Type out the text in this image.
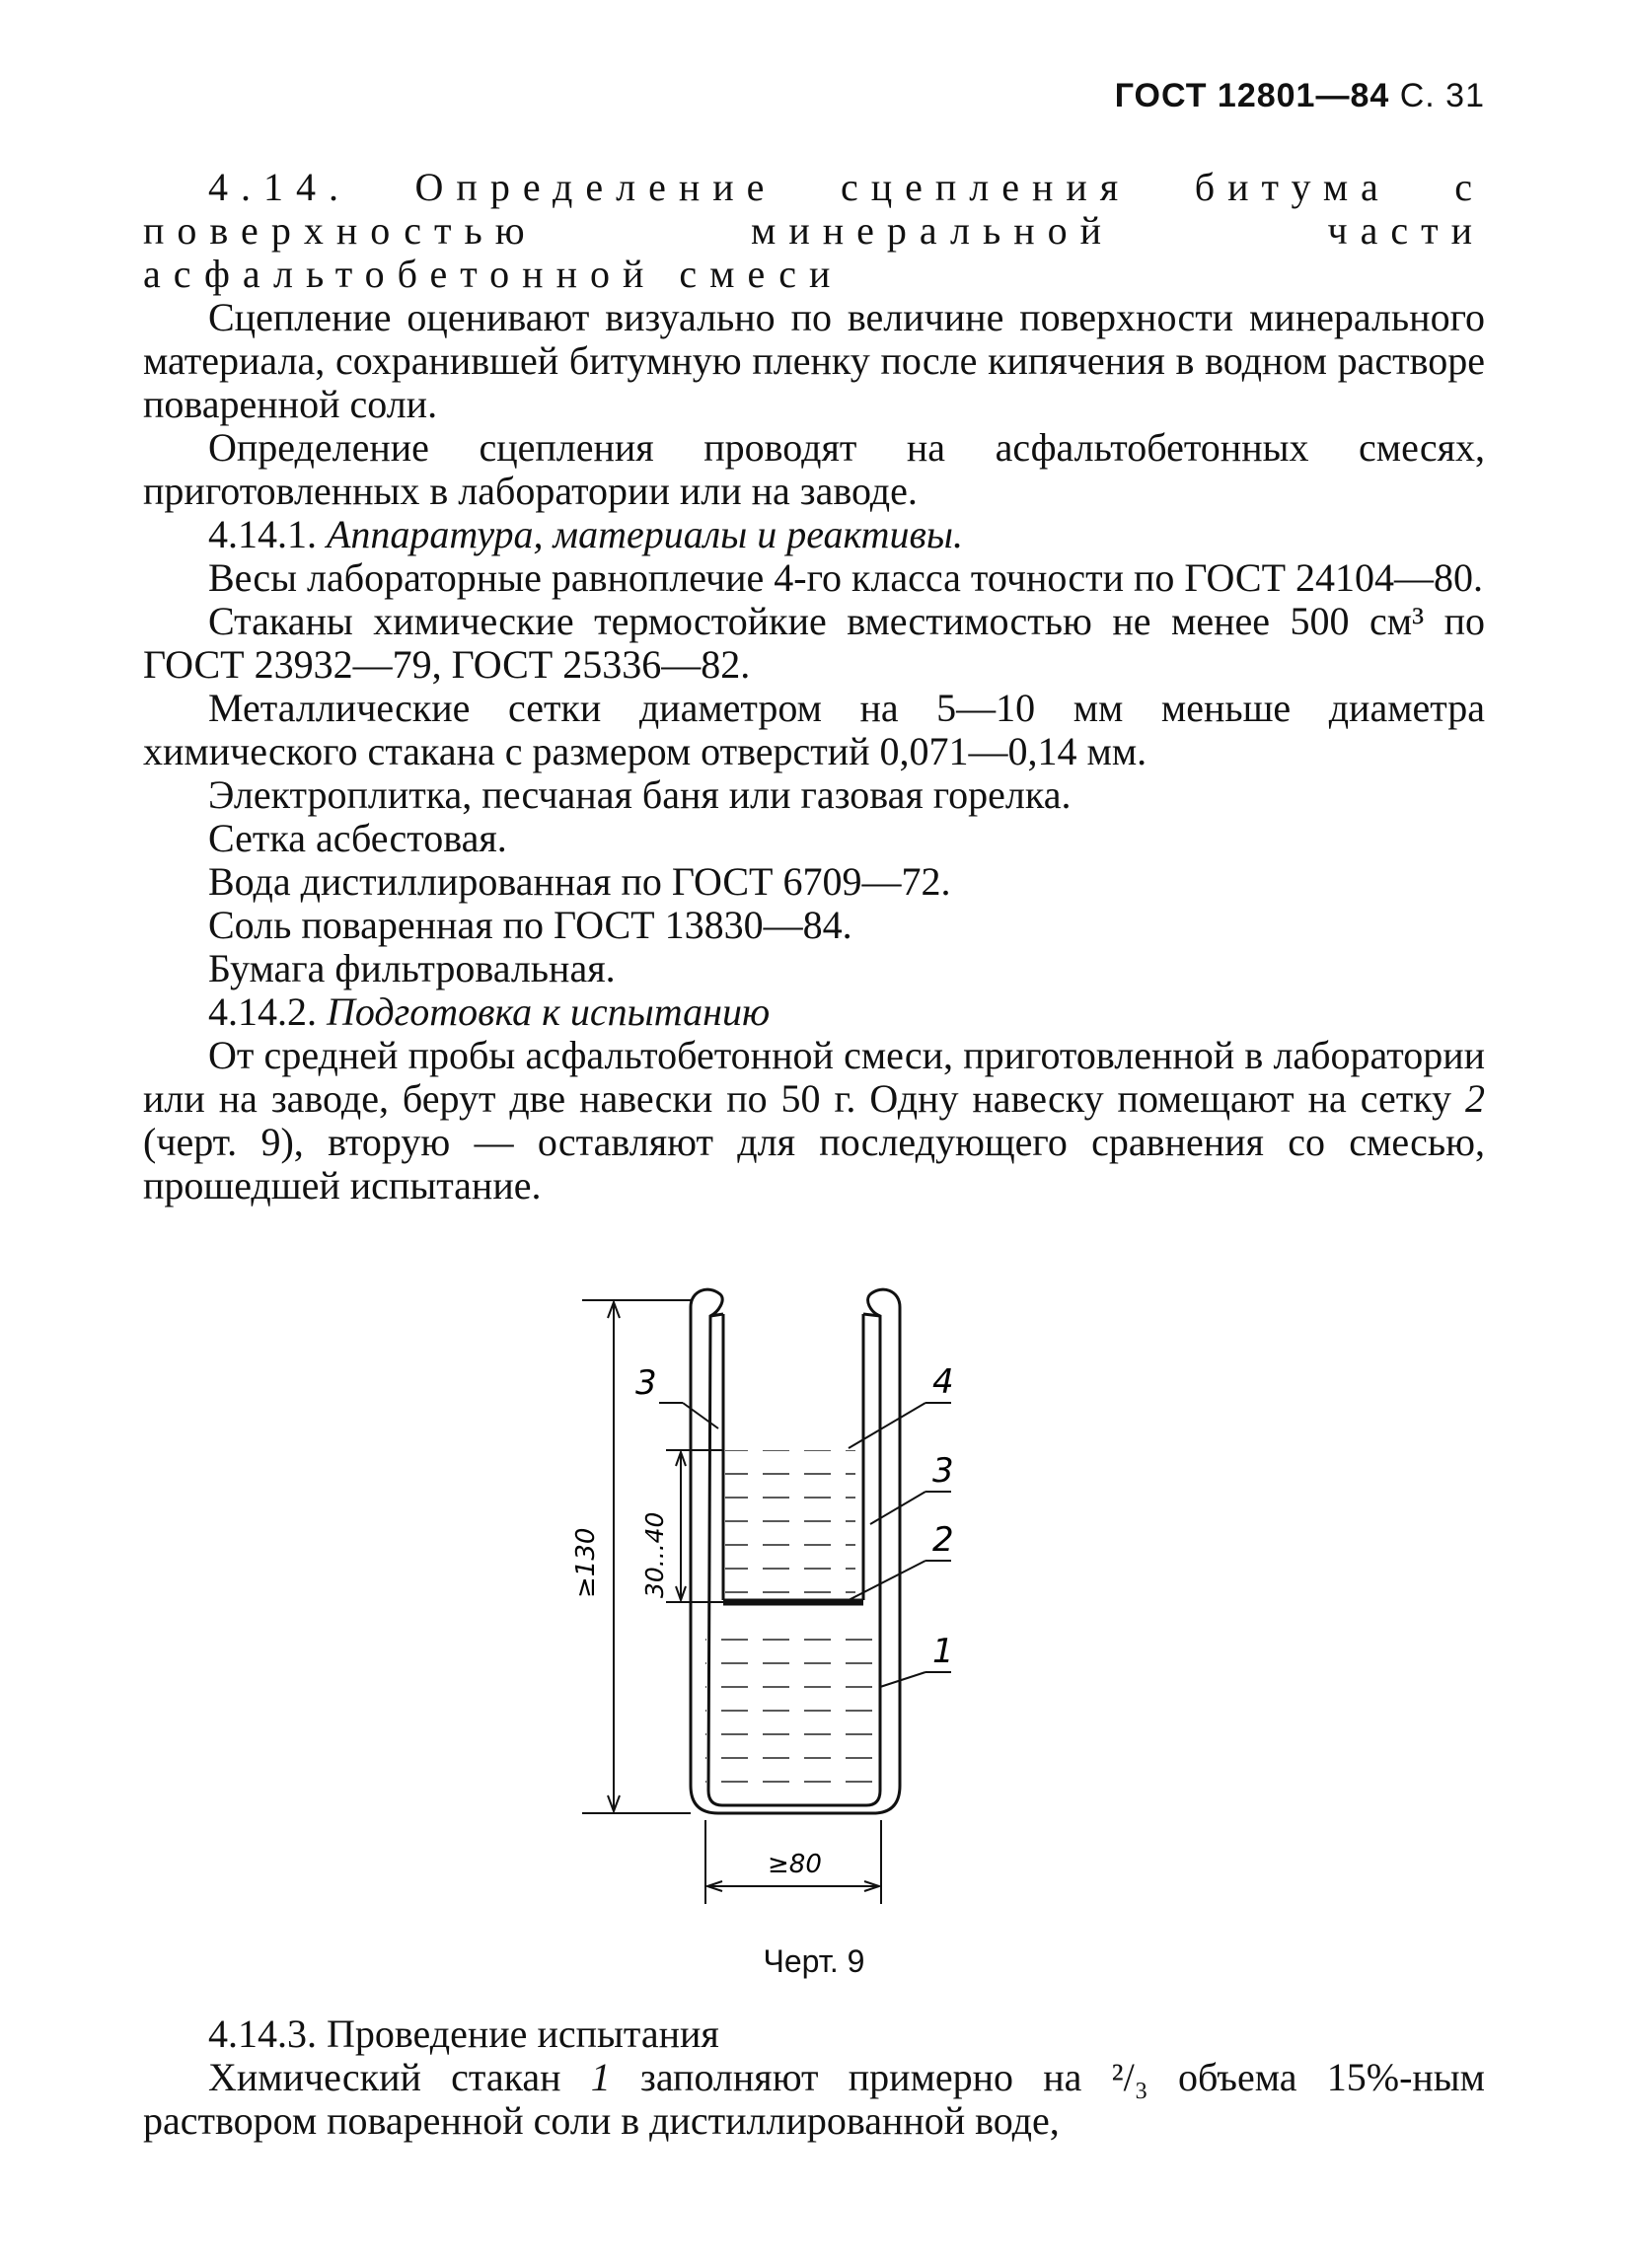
ГОСТ 12801—84 С. 31

4.14. Определение сцепления битума с поверхностью минеральной части асфальтобетонной смеси

Сцепление оценивают визуально по величине поверхности минерального материала, сохранившей битумную пленку после кипячения в водном растворе поваренной соли.

Определение сцепления проводят на асфальтобетонных смесях, приготовленных в лаборатории или на заводе.

4.14.1. Аппаратура, материалы и реактивы.

Весы лабораторные равноплечие 4-го класса точности по ГОСТ 24104—80.

Стаканы химические термостойкие вместимостью не менее 500 см³ по ГОСТ 23932—79, ГОСТ 25336—82.

Металлические сетки диаметром на 5—10 мм меньше диаметра химического стакана с размером отверстий 0,071—0,14 мм.

Электроплитка, песчаная баня или газовая горелка.

Сетка асбестовая.

Вода дистиллированная по ГОСТ 6709—72.

Соль поваренная по ГОСТ 13830—84.

Бумага фильтровальная.

4.14.2. Подготовка к испытанию

От средней пробы асфальтобетонной смеси, приготовленной в лаборатории или на заводе, берут две навески по 50 г. Одну навеску помещают на сетку 2 (черт. 9), вторую — оставляют для последующего сравнения со смесью, прошедшей испытание.

≥130 30...40
≥80
3	4
3
2
1
Черт. 9

4.14.3. Проведение испытания

Химический стакан 1 заполняют примерно на ²/₃ объема 15%-ным раствором поваренной соли в дистиллированной воде,
